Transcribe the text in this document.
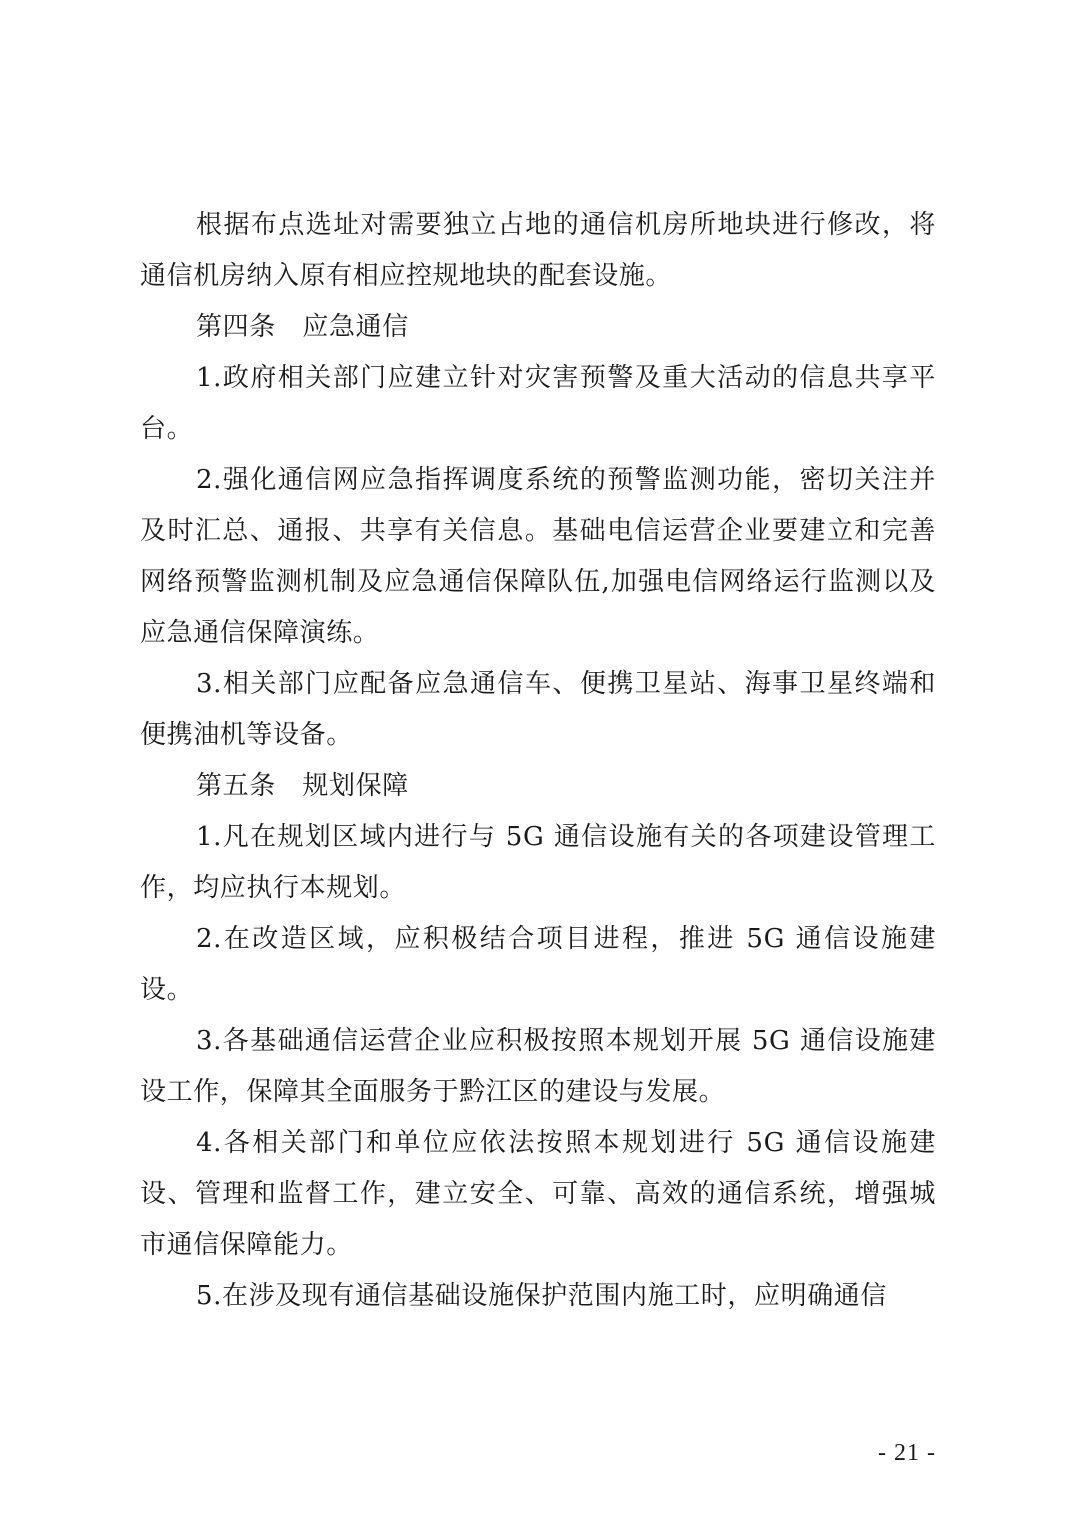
根据布点选址对需要独立占地的通信机房所地块进行修改，将通信机房纳入原有相应控规地块的配套设施。

第四条　应急通信

1.政府相关部门应建立针对灾害预警及重大活动的信息共享平台。

2.强化通信网应急指挥调度系统的预警监测功能，密切关注并及时汇总、通报、共享有关信息。基础电信运营企业要建立和完善网络预警监测机制及应急通信保障队伍,加强电信网络运行监测以及应急通信保障演练。

3.相关部门应配备应急通信车、便携卫星站、海事卫星终端和便携油机等设备。

第五条　规划保障

1.凡在规划区域内进行与 5G 通信设施有关的各项建设管理工作，均应执行本规划。

2.在改造区域，应积极结合项目进程，推进 5G 通信设施建设。

3.各基础通信运营企业应积极按照本规划开展 5G 通信设施建设工作，保障其全面服务于黔江区的建设与发展。

4.各相关部门和单位应依法按照本规划进行 5G 通信设施建设、管理和监督工作，建立安全、可靠、高效的通信系统，增强城市通信保障能力。

5.在涉及现有通信基础设施保护范围内施工时，应明确通信

- 21 -
